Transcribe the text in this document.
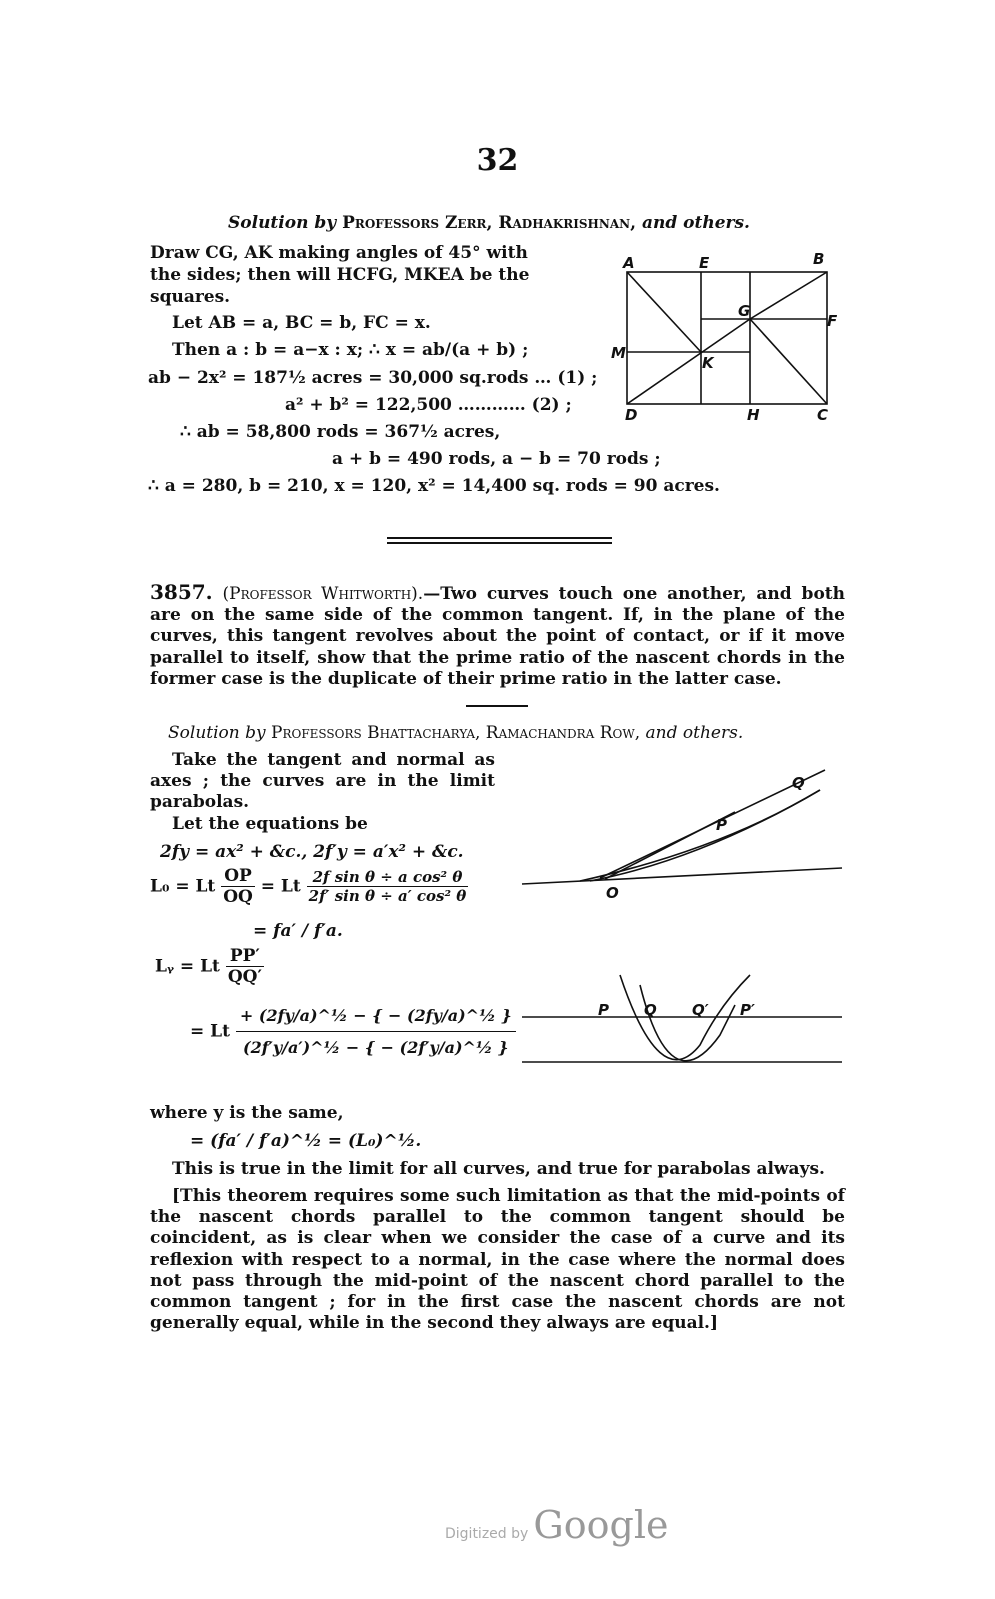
32
Solution by Professors Zerr, Radhakrishnan, and others.
Draw CG, AK making angles of 45° with
the sides; then will HCFG, MKEA be the
squares.
Let AB = a, BC = b, FC = x.
Then a : b = a−x : x; ∴ x = ab/(a + b) ;
ab − 2x² = 187½ acres = 30,000 sq.rods … (1) ;
a² + b² = 122,500 ………… (2) ;
∴ ab = 58,800 rods = 367½ acres,
a + b = 490 rods, a − b = 70 rods ;
∴ a = 280, b = 210, x = 120, x² = 14,400 sq. rods = 90 acres.
A	E	B
G
F
M
K
D	H	C
3857. (Professor Whitworth).—Two curves touch one another, and both are on the same side of the common tangent. If, in the plane of the curves, this tangent revolves about the point of contact, or if it move parallel to itself, show that the prime ratio of the nascent chords in the former case is the duplicate of their prime ratio in the latter case.
Solution by Professors Bhattacharya, Ramachandra Row, and others.
Take the tangent and normal as
axes ; the curves are in the limit
parabolas.
Let the equations be
2fy = ax² + &c., 2f′y = a′x² + &c.
L₀ = Lt $\frac{OP}{OQ} = Lt \frac{\text{2f sin θ ÷ a cos² θ}}{\text{2f′ sin θ ÷ a′ cos² θ}}$
= fa′ / f′a.
Lᵧ = Lt $\frac{PP'}{QQ'}$
= Lt $\frac{\text{+ (2fy/a)\textasciicircum{}½ − \{ − (2fy/a)\textasciicircum{}½ \}}}{\text{(2f′y/a′)\textasciicircum{}½ − \{ − (2f′y/a)\textasciicircum{}½ \}}}$
where y is the same,
= (fa′ / f′a)^½ = (L₀)^½.
This is true in the limit for all curves, and true for parabolas always.
[This theorem requires some such limitation as that the mid-points of the nascent chords parallel to the common tangent should be coincident, as is clear when we consider the case of a curve and its reflexion with respect to a normal, in the case where the normal does not pass through the mid-point of the nascent chord parallel to the common tangent ; for in the first case the nascent chords are not generally equal, while in the second they always are equal.]
Q
P
O
P Q Q′ P′
Digitized by Google
